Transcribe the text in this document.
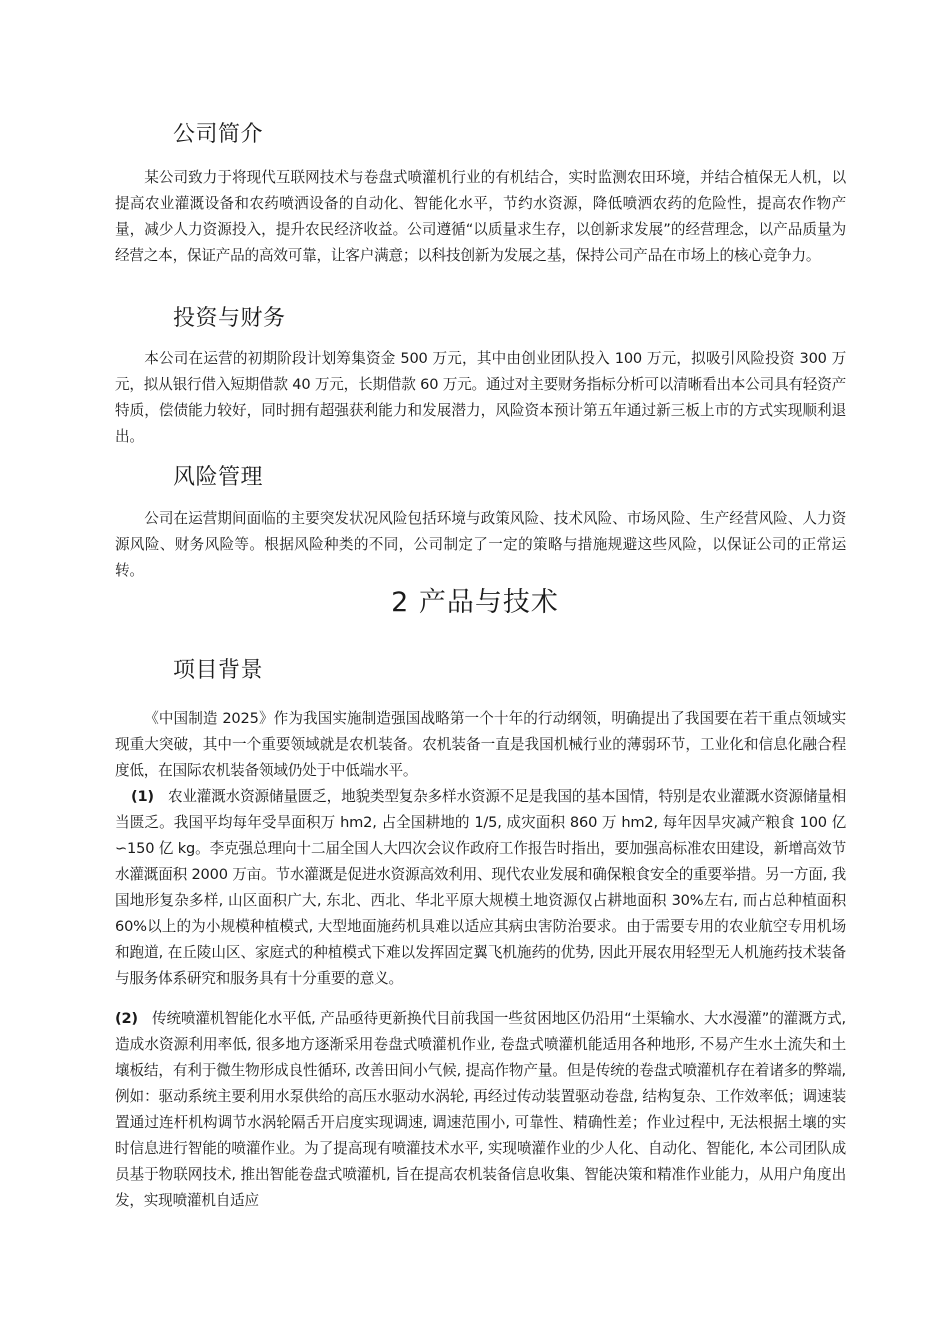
公司简介

某公司致力于将现代互联网技术与卷盘式喷灌机行业的有机结合，实时监测农田环境，并结合植保无人机，以提高农业灌溉设备和农药喷洒设备的自动化、智能化水平，节约水资源，降低喷洒农药的危险性，提高农作物产量，减少人力资源投入，提升农民经济收益。公司遵循“以质量求生存，以创新求发展”的经营理念，以产品质量为经营之本，保证产品的高效可靠，让客户满意；以科技创新为发展之基，保持公司产品在市场上的核心竞争力。

投资与财务

本公司在运营的初期阶段计划筹集资金 500 万元，其中由创业团队投入 100 万元，拟吸引风险投资 300 万元，拟从银行借入短期借款 40 万元，长期借款 60 万元。通过对主要财务指标分析可以清晰看出本公司具有轻资产特质，偿债能力较好，同时拥有超强获利能力和发展潜力，风险资本预计第五年通过新三板上市的方式实现顺利退出。

风险管理

公司在运营期间面临的主要突发状况风险包括环境与政策风险、技术风险、市场风险、生产经营风险、人力资源风险、财务风险等。根据风险种类的不同，公司制定了一定的策略与措施规避这些风险，以保证公司的正常运转。

2 产品与技术
项目背景

《中国制造 2025》作为我国实施制造强国战略第一个十年的行动纲领，明确提出了我国要在若干重点领域实现重大突破，其中一个重要领域就是农机装备。农机装备一直是我国机械行业的薄弱环节，工业化和信息化融合程度低，在国际农机装备领域仍处于中低端水平。

(1) 农业灌溉水资源储量匮乏，地貌类型复杂多样水资源不足是我国的基本国情，特别是农业灌溉水资源储量相当匮乏。我国平均每年受旱面积万 hm2, 占全国耕地的 1/5, 成灾面积 860 万 hm2, 每年因旱灾减产粮食 100 亿∽150 亿 kg。李克强总理向十二届全国人大四次会议作政府工作报告时指出，要加强高标准农田建设，新增高效节水灌溉面积 2000 万亩。节水灌溉是促进水资源高效利用、现代农业发展和确保粮食安全的重要举措。另一方面, 我国地形复杂多样, 山区面积广大, 东北、西北、华北平原大规模土地资源仅占耕地面积 30%左右, 而占总种植面积 60%以上的为小规模种植模式, 大型地面施药机具难以适应其病虫害防治要求。由于需要专用的农业航空专用机场和跑道, 在丘陵山区、家庭式的种植模式下难以发挥固定翼飞机施药的优势, 因此开展农用轻型无人机施药技术装备与服务体系研究和服务具有十分重要的意义。

(2) 传统喷灌机智能化水平低, 产品亟待更新换代目前我国一些贫困地区仍沿用“土渠输水、大水漫灌”的灌溉方式, 造成水资源利用率低, 很多地方逐渐采用卷盘式喷灌机作业, 卷盘式喷灌机能适用各种地形, 不易产生水土流失和土壤板结，有利于微生物形成良性循环, 改善田间小气候, 提高作物产量。但是传统的卷盘式喷灌机存在着诸多的弊端, 例如：驱动系统主要利用水泵供给的高压水驱动水涡轮, 再经过传动装置驱动卷盘, 结构复杂、工作效率低；调速装置通过连杆机构调节水涡轮隔舌开启度实现调速, 调速范围小, 可靠性、精确性差；作业过程中, 无法根据土壤的实时信息进行智能的喷灌作业。为了提高现有喷灌技术水平, 实现喷灌作业的少人化、自动化、智能化, 本公司团队成员基于物联网技术, 推出智能卷盘式喷灌机, 旨在提高农机装备信息收集、智能决策和精准作业能力，从用户角度出发，实现喷灌机自适应
